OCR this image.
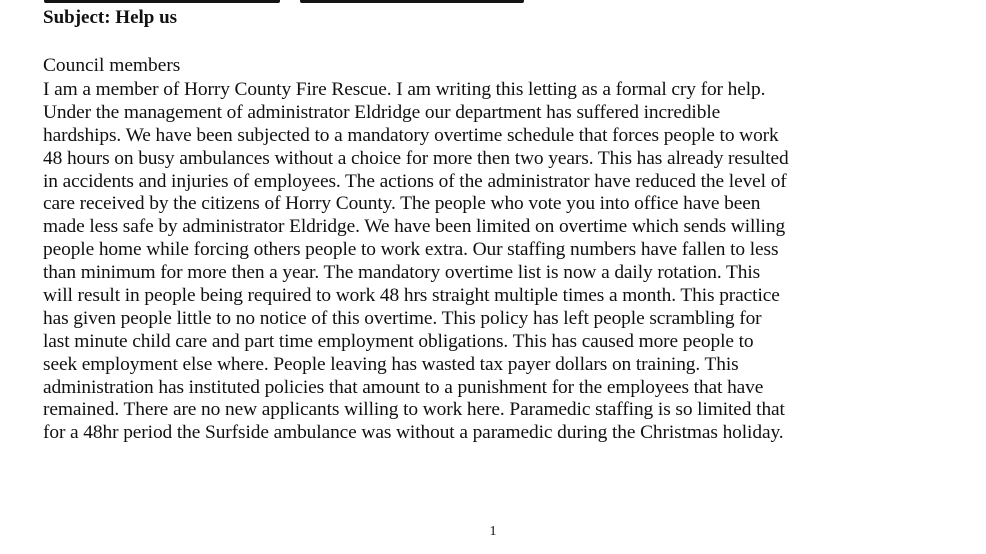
Subject: Help us
Council members
I am a member of Horry County Fire Rescue. I am writing this letting as a formal cry for help.
Under the management of administrator Eldridge our department has suffered incredible
hardships. We have been subjected to a mandatory overtime schedule that forces people to work
48 hours on busy ambulances without a choice for more then two years. This has already resulted
in accidents and injuries of employees. The actions of the administrator have reduced the level of
care received by the citizens of Horry County. The people who vote you into office have been
made less safe by administrator Eldridge. We have been limited on overtime which sends willing
people home while forcing others people to work extra. Our staffing numbers have fallen to less
than minimum for more then a year. The mandatory overtime list is now a daily rotation. This
will result in people being required to work 48 hrs straight multiple times a month. This practice
has given people little to no notice of this overtime. This policy has left people scrambling for
last minute child care and part time employment obligations. This has caused more people to
seek employment else where. People leaving has wasted tax payer dollars on training. This
administration has instituted policies that amount to a punishment for the employees that have
remained. There are no new applicants willing to work here. Paramedic staffing is so limited that
for a 48hr period the Surfside ambulance was without a paramedic during the Christmas holiday.
1
